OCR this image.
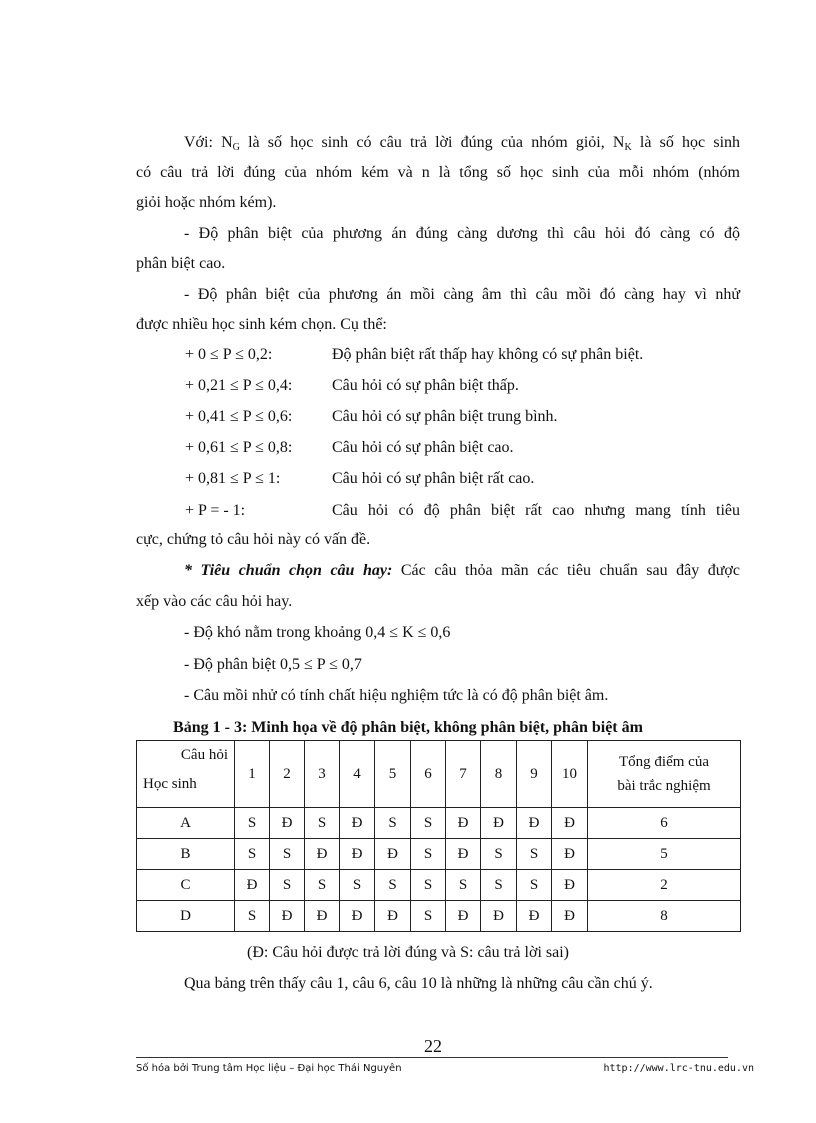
Với: $N_G$ là số học sinh có câu trả lời đúng của nhóm giỏi, $N_K$ là số học sinh
có câu trả lời đúng của nhóm kém và n là tổng số học sinh của mỗi nhóm (nhóm
giỏi hoặc nhóm kém).
- Độ phân biệt của phương án đúng càng dương thì câu hỏi đó càng có độ
phân biệt cao.
- Độ phân biệt của phương án mồi càng âm thì câu mồi đó càng hay vì nhử
được nhiều học sinh kém chọn. Cụ thể:
+ 0 ≤ P ≤ 0,2:	Độ phân biệt rất thấp hay không có sự phân biệt.
+ 0,21 ≤ P ≤ 0,4: Câu hỏi có sự phân biệt thấp.
+ 0,41 ≤ P ≤ 0,6: Câu hỏi có sự phân biệt trung bình.
+ 0,61 ≤ P ≤ 0,8: Câu hỏi có sự phân biệt cao.
+ 0,81 ≤ P ≤ 1:	Câu hỏi có sự phân biệt rất cao.
+ P = - 1:	Câu hỏi có độ phân biệt rất cao nhưng mang tính tiêu
cực, chứng tỏ câu hỏi này có vấn đề.
* Tiêu chuẩn chọn câu hay: Các câu thỏa mãn các tiêu chuẩn sau đây được
xếp vào các câu hỏi hay.
- Độ khó nằm trong khoảng 0,4 ≤ K ≤ 0,6
- Độ phân biệt 0,5 ≤ P ≤ 0,7
- Câu mồi nhử có tính chất hiệu nghiệm tức là có độ phân biệt âm.
Bảng 1 - 3: Minh họa về độ phân biệt, không phân biệt, phân biệt âm
Câu hỏi
Học sinh	1	2	3	4	5	6	7	8	9	10	Tổng điểm của
bài trắc nghiệm
A	S	Đ	S	Đ	S	S	Đ	Đ	Đ	Đ	6
B	S	S	Đ	Đ	Đ	S	Đ	S	S	Đ	5
C	Đ	S	S	S	S	S	S	S	S	Đ	2
D	S	Đ	Đ	Đ	Đ	S	Đ	Đ	Đ	Đ	8
(Đ: Câu hỏi được trả lời đúng và S: câu trả lời sai)
Qua bảng trên thấy câu 1, câu 6, câu 10 là những là những câu cần chú ý.
22
Số hóa bởi Trung tâm Học liệu – Đại học Thái Nguyên	http://www.lrc-tnu.edu.vn
